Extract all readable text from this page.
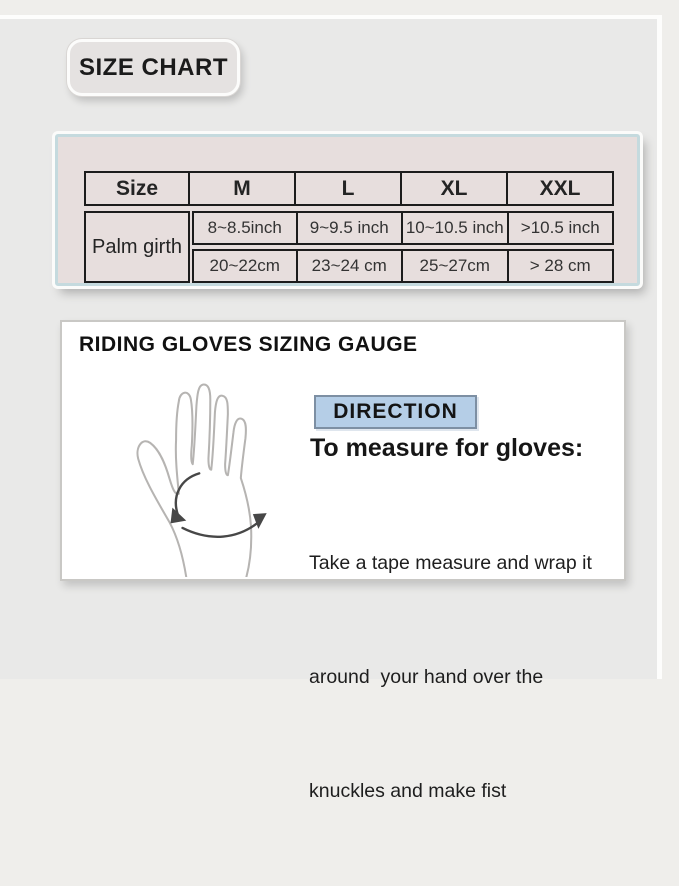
SIZE CHART
Size	M	L	XL	XXL
Palm girth
8~8.5inch	9~9.5 inch	10~10.5 inch	>10.5 inch
20~22cm	23~24 cm	25~27cm	> 28 cm
RIDING GLOVES SIZING GAUGE
DIRECTION
To measure for gloves:

Take a tape measure and wrap it

around  your hand over the

knuckles and make fist
